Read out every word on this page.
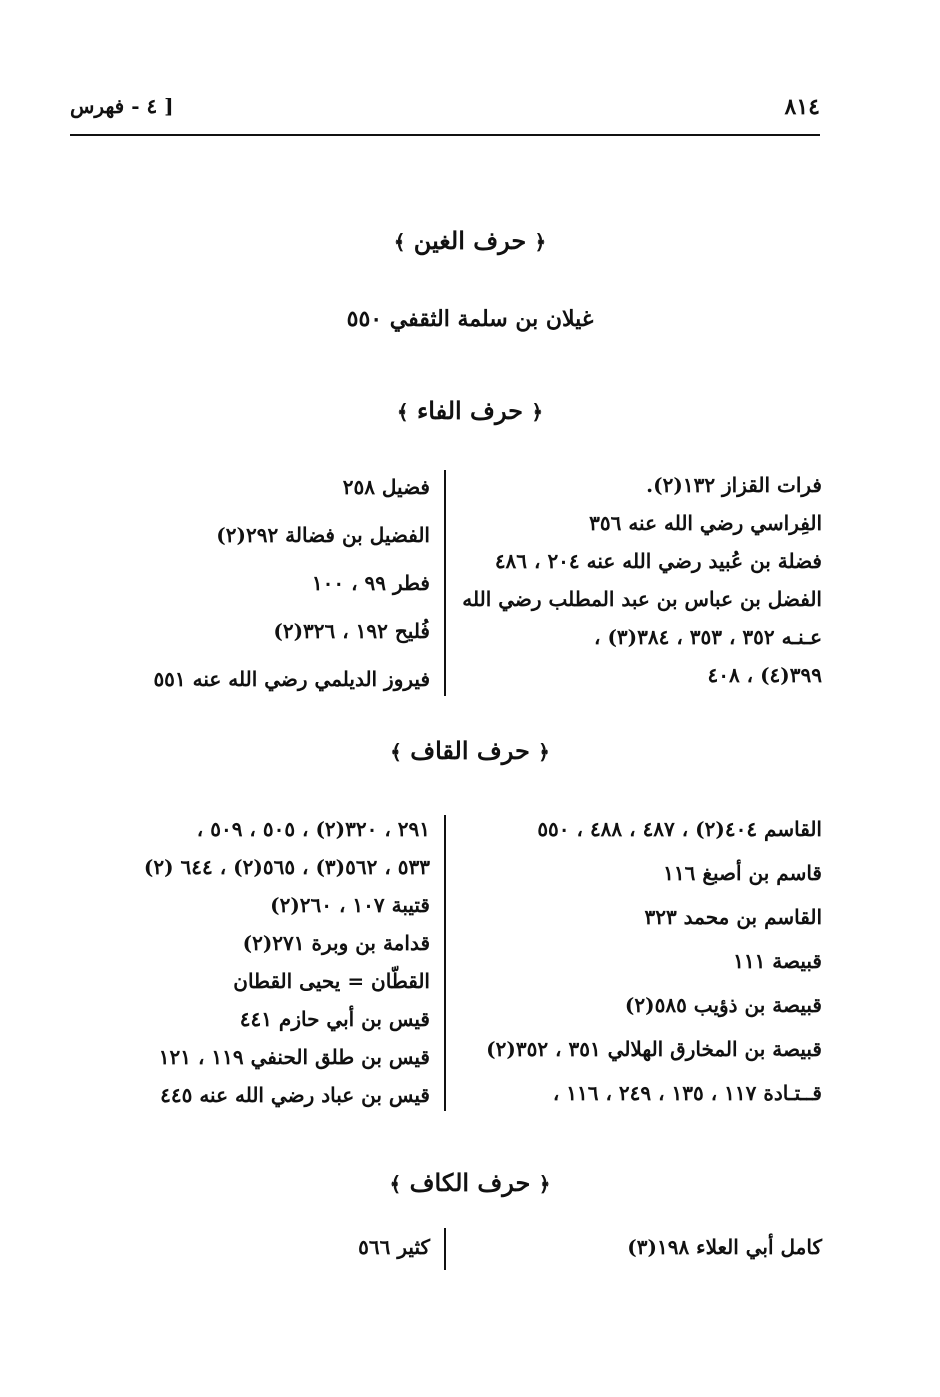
٨١٤
[ ٤ - فهرس
﴿ حرف الغين ﴾
غيلان بن سلمة الثقفي ٥٥٠
﴿ حرف الفاء ﴾
فرات القزاز ١٣٢(٢).
الفِراسي رضي الله عنه ٣٥٦
فضلة بن عُبيد رضي الله عنه ٢٠٤ ، ٤٨٦
الفضل بن عباس بن عبد المطلب رضي الله
عـنـه ٣٥٢ ، ٣٥٣ ، ٣٨٤(٣) ،
٣٩٩(٤) ، ٤٠٨
فضيل ٢٥٨
الفضيل بن فضالة ٢٩٢(٢)
فطر ٩٩ ، ١٠٠
فُليح ١٩٢ ، ٣٢٦(٢)
فيروز الديلمي رضي الله عنه ٥٥١
﴿ حرف القاف ﴾
القاسم ٤٠٤(٢) ، ٤٨٧ ، ٤٨٨ ، ٥٥٠
قاسم بن أصبغ ١١٦
القاسم بن محمد ٣٢٣
قبيصة ١١١
قبيصة بن ذؤيب ٥٨٥(٢)
قبيصة بن المخارق الهلالي ٣٥١ ، ٣٥٢(٢)
قــتـادة ١١٧ ، ١٣٥ ، ٢٤٩ ، ١١٦ ،
٢٩١ ، ٣٢٠(٢) ، ٥٠٥ ، ٥٠٩ ،
٥٣٣ ، ٥٦٢(٣) ، ٥٦٥(٢) ، ٦٤٤ (٢)
قتيبة ١٠٧ ، ٢٦٠(٢)
قدامة بن وبرة ٢٧١(٢)
القطّان = يحيى القطان
قيس بن أبي حازم ٤٤١
قيس بن طلق الحنفي ١١٩ ، ١٢١
قيس بن عباد رضي الله عنه ٤٤٥
﴿ حرف الكاف ﴾
كامل أبي العلاء ١٩٨(٣)
كثير ٥٦٦
